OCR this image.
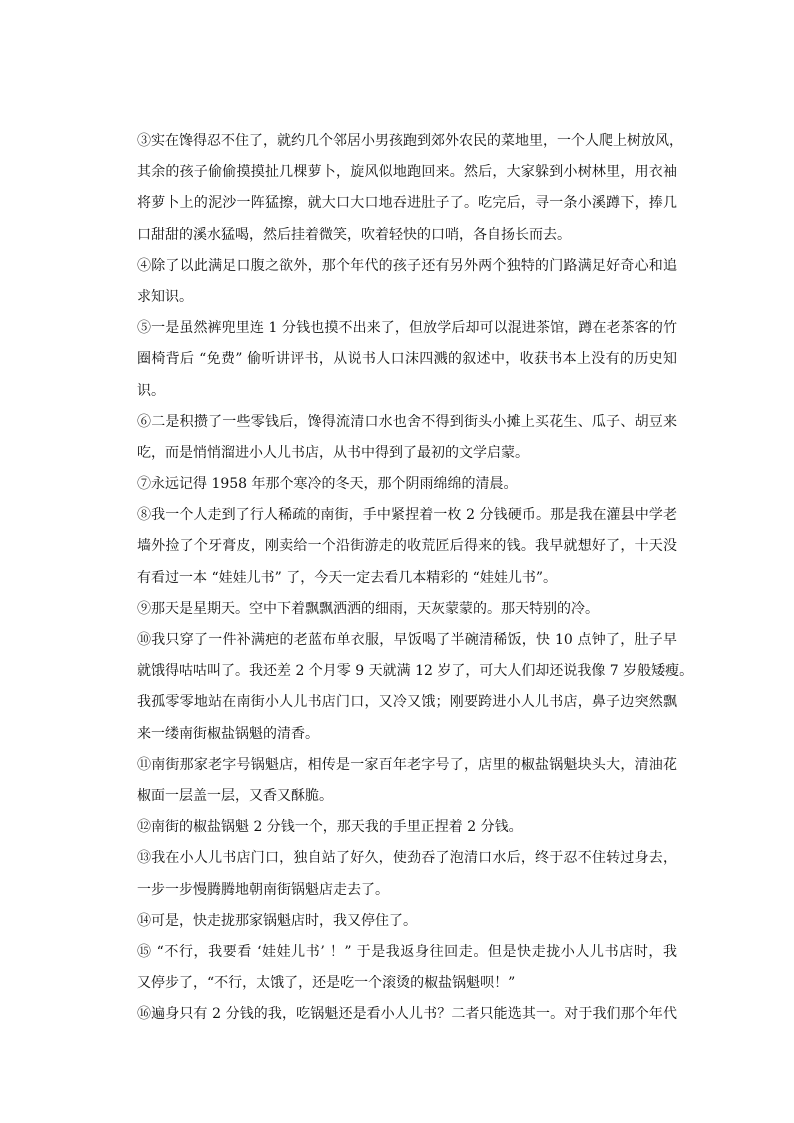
③实在馋得忍不住了，就约几个邻居小男孩跑到郊外农民的菜地里，一个人爬上树放风，
其余的孩子偷偷摸摸扯几棵萝卜，旋风似地跑回来。然后，大家躲到小树林里，用衣袖
将萝卜上的泥沙一阵猛擦，就大口大口地吞进肚子了。吃完后，寻一条小溪蹲下，捧几
口甜甜的溪水猛喝，然后挂着微笑，吹着轻快的口哨，各自扬长而去。
④除了以此满足口腹之欲外，那个年代的孩子还有另外两个独特的门路满足好奇心和追
求知识。
⑤一是虽然裤兜里连 1 分钱也摸不出来了，但放学后却可以混进茶馆，蹲在老茶客的竹
圈椅背后 “免费” 偷听讲评书，从说书人口沫四溅的叙述中，收获书本上没有的历史知
识。
⑥二是积攒了一些零钱后，馋得流清口水也舍不得到街头小摊上买花生、瓜子、胡豆来
吃，而是悄悄溜进小人儿书店，从书中得到了最初的文学启蒙。
⑦永远记得 1958 年那个寒冷的冬天，那个阴雨绵绵的清晨。
⑧我一个人走到了行人稀疏的南街，手中紧捏着一枚 2 分钱硬币。那是我在灌县中学老
墙外捡了个牙膏皮，刚卖给一个沿街游走的收荒匠后得来的钱。我早就想好了，十天没
有看过一本 “娃娃儿书” 了，今天一定去看几本精彩的 “娃娃儿书”。
⑨那天是星期天。空中下着飘飘洒洒的细雨，天灰蒙蒙的。那天特别的冷。
⑩我只穿了一件补满疤的老蓝布单衣服，早饭喝了半碗清稀饭，快 10 点钟了，肚子早
就饿得咕咕叫了。我还差 2 个月零 9 天就满 12 岁了，可大人们却还说我像 7 岁般矮瘦。
我孤零零地站在南街小人儿书店门口，又冷又饿；刚要跨进小人儿书店，鼻子边突然飘
来一缕南街椒盐锅魁的清香。
⑪南街那家老字号锅魁店，相传是一家百年老字号了，店里的椒盐锅魁块头大，清油花
椒面一层盖一层，又香又酥脆。
⑫南街的椒盐锅魁 2 分钱一个，那天我的手里正捏着 2 分钱。
⑬我在小人儿书店门口，独自站了好久，使劲吞了泡清口水后，终于忍不住转过身去，
一步一步慢腾腾地朝南街锅魁店走去了。
⑭可是，快走拢那家锅魁店时，我又停住了。
⑮ “不行，我要看 ‘娃娃儿书’ ！” 于是我返身往回走。但是快走拢小人儿书店时，我
又停步了，“不行，太饿了，还是吃一个滚烫的椒盐锅魁呗！”
⑯遍身只有 2 分钱的我，吃锅魁还是看小人儿书？二者只能选其一。对于我们那个年代
